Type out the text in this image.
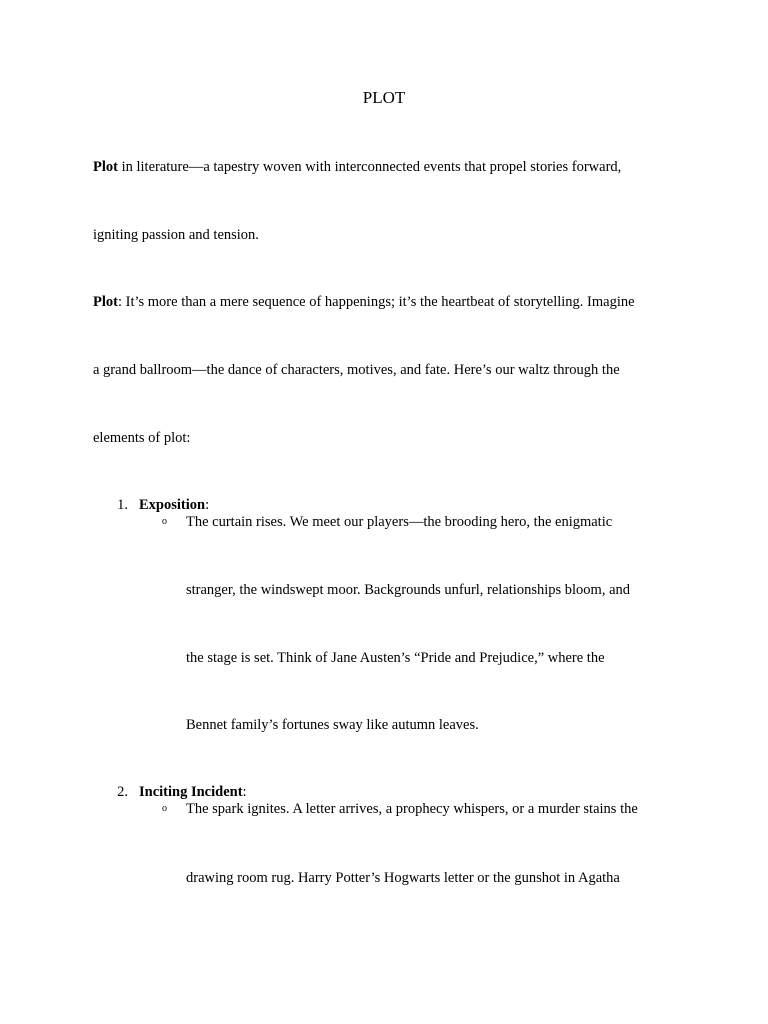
PLOT
Plot in literature—a tapestry woven with interconnected events that propel stories forward,
igniting passion and tension.
Plot: It’s more than a mere sequence of happenings; it’s the heartbeat of storytelling. Imagine
a grand ballroom—the dance of characters, motives, and fate. Here’s our waltz through the
elements of plot:
1. Exposition:
o The curtain rises. We meet our players—the brooding hero, the enigmatic
stranger, the windswept moor. Backgrounds unfurl, relationships bloom, and
the stage is set. Think of Jane Austen’s “Pride and Prejudice,” where the
Bennet family’s fortunes sway like autumn leaves.
2. Inciting Incident:
o The spark ignites. A letter arrives, a prophecy whispers, or a murder stains the
drawing room rug. Harry Potter’s Hogwarts letter or the gunshot in Agatha
